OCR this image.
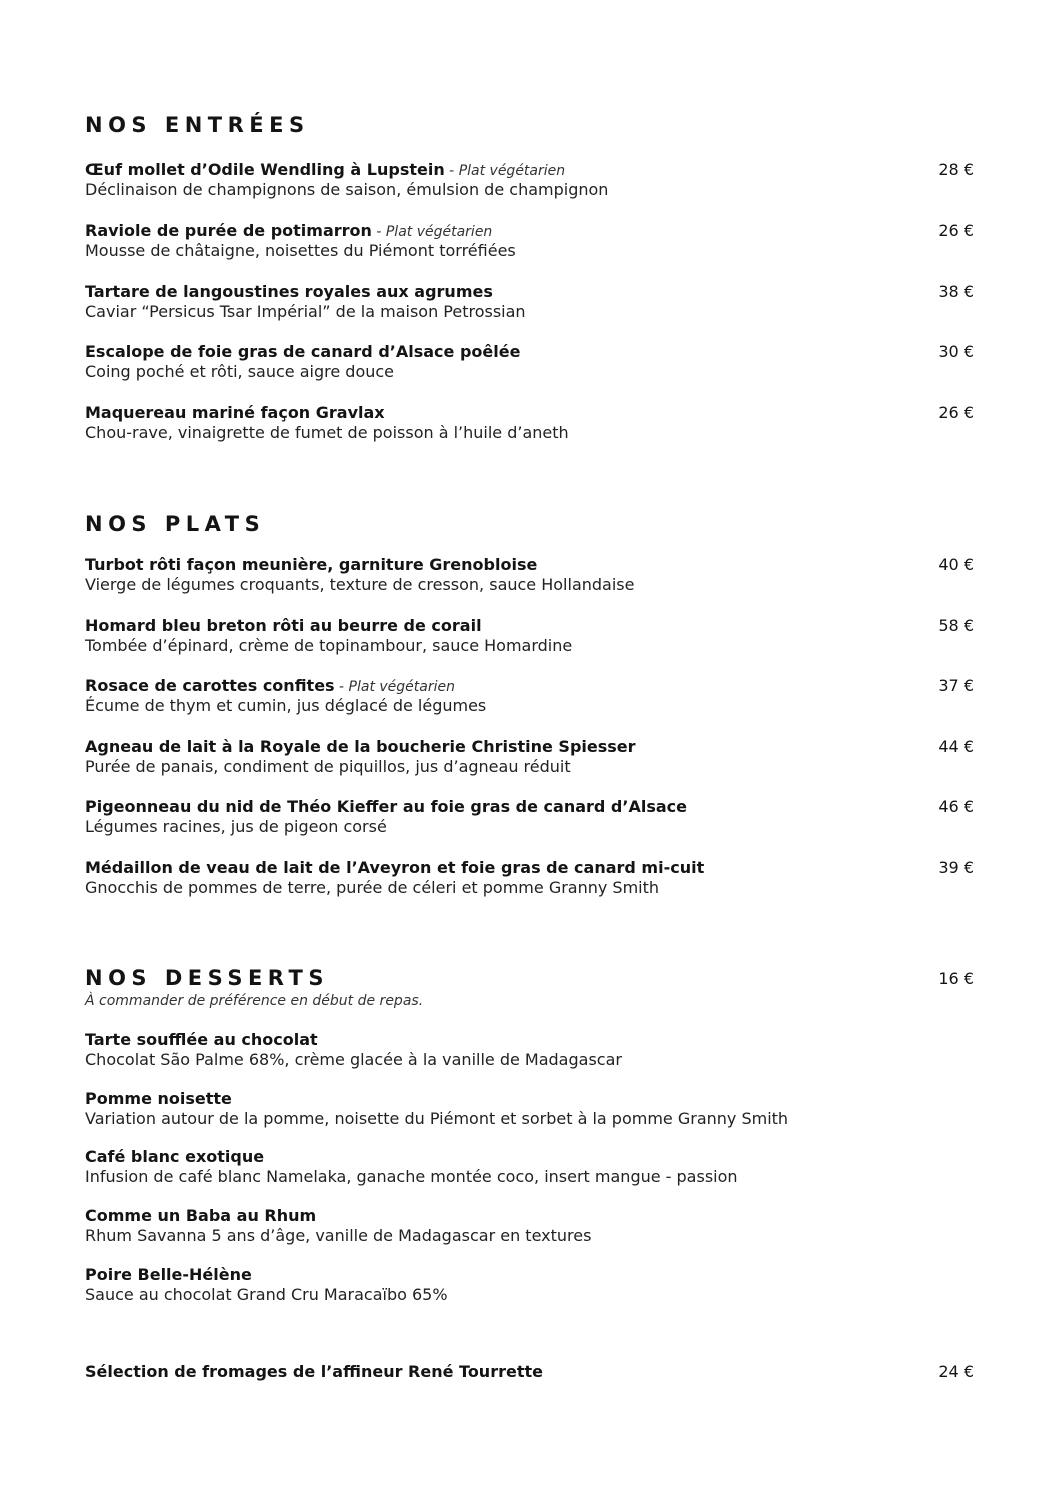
NOS ENTRÉES
Œuf mollet d’Odile Wendling à Lupstein - Plat végétarien	28 €
Déclinaison de champignons de saison, émulsion de champignon
Raviole de purée de potimarron - Plat végétarien	26 €
Mousse de châtaigne, noisettes du Piémont torréfiées
Tartare de langoustines royales aux agrumes	38 €
Caviar “Persicus Tsar Impérial” de la maison Petrossian
Escalope de foie gras de canard d’Alsace poêlée	30 €
Coing poché et rôti, sauce aigre douce
Maquereau mariné façon Gravlax	26 €
Chou-rave, vinaigrette de fumet de poisson à l’huile d’aneth
NOS PLATS
Turbot rôti façon meunière, garniture Grenobloise	40 €
Vierge de légumes croquants, texture de cresson, sauce Hollandaise
Homard bleu breton rôti au beurre de corail	58 €
Tombée d’épinard, crème de topinambour, sauce Homardine
Rosace de carottes confites - Plat végétarien	37 €
Écume de thym et cumin, jus déglacé de légumes
Agneau de lait à la Royale de la boucherie Christine Spiesser	44 €
Purée de panais, condiment de piquillos, jus d’agneau réduit
Pigeonneau du nid de Théo Kieffer au foie gras de canard d’Alsace	46 €
Légumes racines, jus de pigeon corsé
Médaillon de veau de lait de l’Aveyron et foie gras de canard mi-cuit	39 €
Gnocchis de pommes de terre, purée de céleri et pomme Granny Smith
NOS DESSERTS	16 €
À commander de préférence en début de repas.
Tarte soufflée au chocolat
Chocolat São Palme 68%, crème glacée à la vanille de Madagascar
Pomme noisette
Variation autour de la pomme, noisette du Piémont et sorbet à la pomme Granny Smith
Café blanc exotique
Infusion de café blanc Namelaka, ganache montée coco, insert mangue - passion
Comme un Baba au Rhum
Rhum Savanna 5 ans d’âge, vanille de Madagascar en textures
Poire Belle-Hélène
Sauce au chocolat Grand Cru Maracaïbo 65%
Sélection de fromages de l’affineur René Tourrette	24 €
